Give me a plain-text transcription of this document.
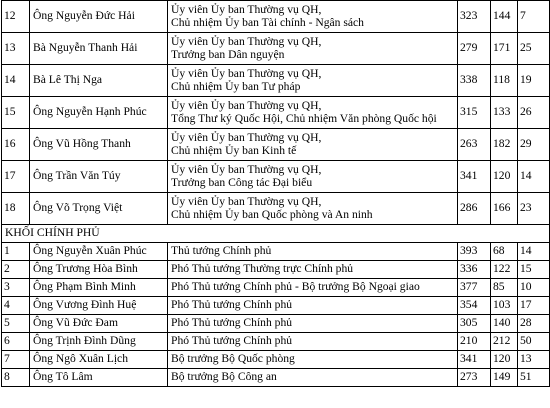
12	Ông Nguyễn Đức Hải	Ủy viên Ủy ban Thường vụ QH,
Chủ nhiệm Ủy ban Tài chính - Ngân sách	323	144	7
13	Bà Nguyễn Thanh Hải	Ủy viên Ủy ban Thường vụ QH,
Trưởng ban Dân nguyện	279	171	25
14	Bà Lê Thị Nga	Ủy viên Ủy ban Thường vụ QH,
Chủ nhiệm Ủy ban Tư pháp	338	118	19
15	Ông Nguyễn Hạnh Phúc	Ủy viên Ủy ban Thường vụ QH,
Tổng Thư ký Quốc Hội, Chủ nhiệm Văn phòng Quốc hội	315	133	26
16	Ông Vũ Hồng Thanh	Ủy viên Ủy ban Thường vụ QH,
Chủ nhiệm Ủy ban Kinh tế	263	182	29
17	Ông Trần Văn Túy	Ủy viên Ủy ban Thường vụ QH,
Trưởng ban Công tác Đại biểu	341	120	14
18	Ông Võ Trọng Việt	Ủy viên Ủy ban Thường vụ QH,
Chủ nhiệm Ủy ban Quốc phòng và An ninh	286	166	23
KHỐI CHÍNH PHỦ					
1	Ông Nguyễn Xuân Phúc	Thủ tướng Chính phủ	393	68	14
2	Ông Trương Hòa Bình	Phó Thủ tướng Thường trực Chính phủ	336	122	15
3	Ông Phạm Bình Minh	Phó Thủ tướng Chính phủ - Bộ trưởng Bộ Ngoại giao	377	85	10
4	Ông Vương Đình Huệ	Phó Thủ tướng Chính phủ	354	103	17
5	Ông Vũ Đức Đam	Phó Thủ tướng Chính phủ	305	140	28
6	Ông Trịnh Đình Dũng	Phó Thủ tướng Chính phủ	210	212	50
7	Ông Ngô Xuân Lịch	Bộ trưởng Bộ Quốc phòng	341	120	13
8	Ông Tô Lâm	Bộ trưởng Bộ Công an	273	149	51
